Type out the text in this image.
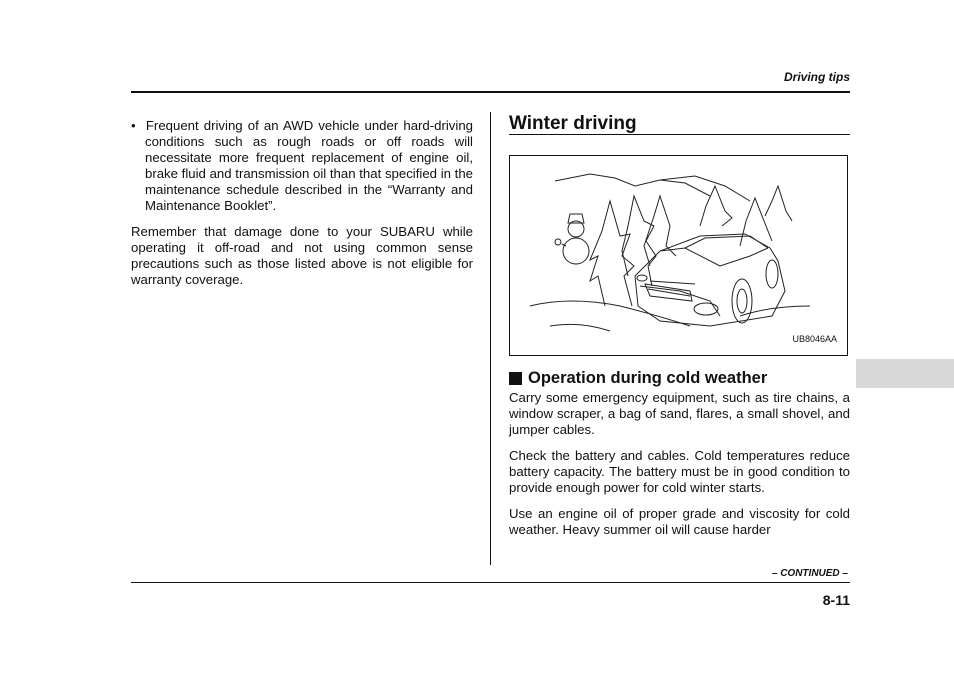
Driving tips

•  Frequent driving of an AWD vehicle under hard-driving conditions such as rough roads or off roads will necessitate more frequent replacement of engine oil, brake fluid and transmission oil than that specified in the maintenance schedule described in the “Warranty and Maintenance Booklet”.

Remember that damage done to your SUBARU while operating it off-road and not using common sense precautions such as those listed above is not eligible for warranty coverage.

Winter driving
UB8046AA
Operation during cold weather

Carry some emergency equipment, such as tire chains, a window scraper, a bag of sand, flares, a small shovel, and jumper cables.

Check the battery and cables. Cold temperatures reduce battery capacity. The battery must be in good condition to provide enough power for cold winter starts.

Use an engine oil of proper grade and viscosity for cold weather. Heavy summer oil will cause harder

– CONTINUED –
8-11
